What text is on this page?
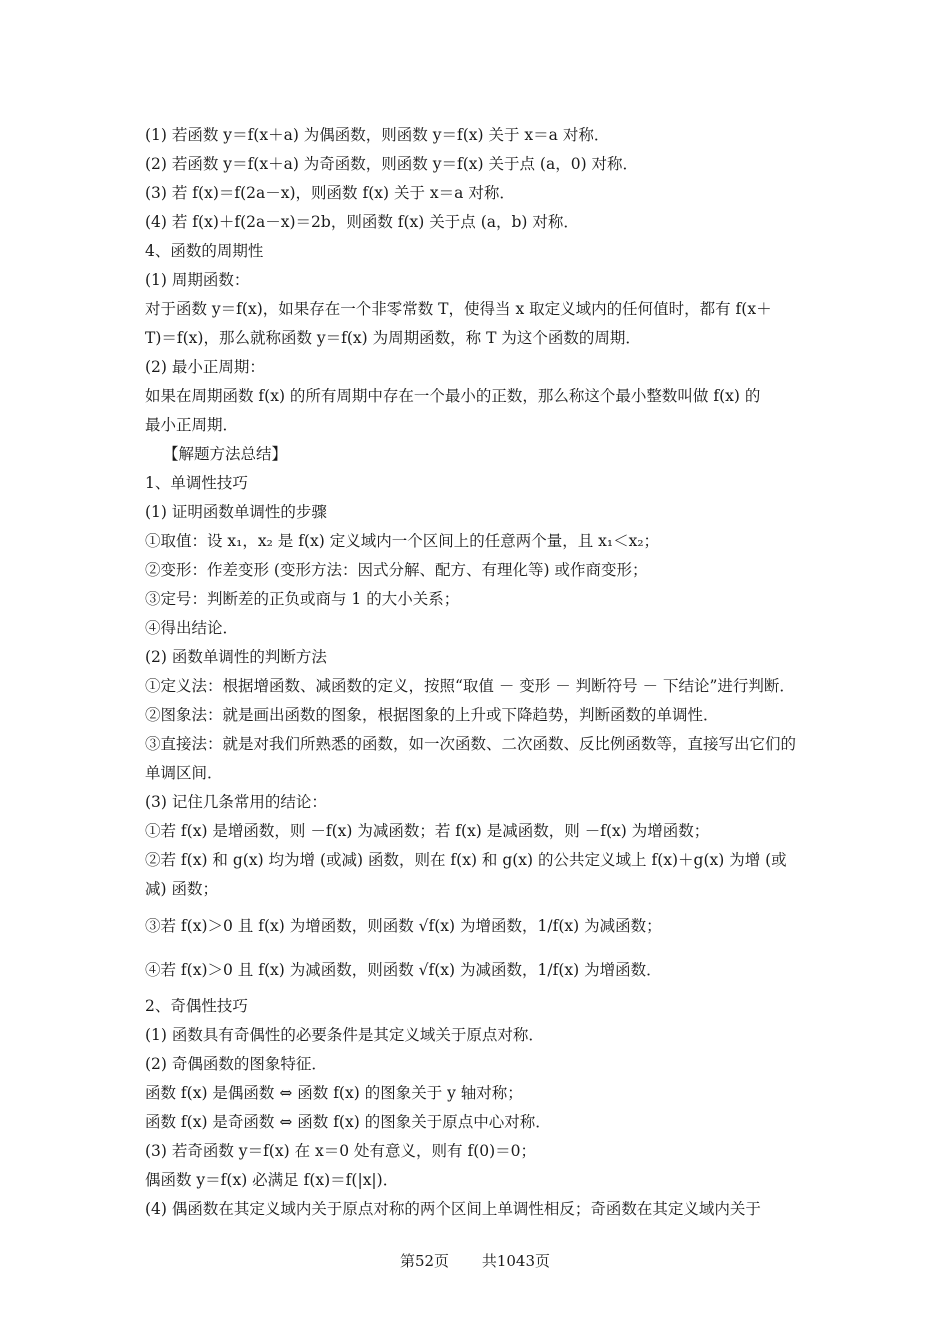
(1) 若函数 y＝f(x＋a) 为偶函数，则函数 y＝f(x) 关于 x＝a 对称．
(2) 若函数 y＝f(x＋a) 为奇函数，则函数 y＝f(x) 关于点 (a，0) 对称．
(3) 若 f(x)＝f(2a－x)，则函数 f(x) 关于 x＝a 对称．
(4) 若 f(x)＋f(2a－x)＝2b，则函数 f(x) 关于点 (a，b) 对称．
4、函数的周期性
(1) 周期函数：
对于函数 y＝f(x)，如果存在一个非零常数 T，使得当 x 取定义域内的任何值时，都有 f(x＋
T)＝f(x)，那么就称函数 y＝f(x) 为周期函数，称 T 为这个函数的周期．
(2) 最小正周期：
如果在周期函数 f(x) 的所有周期中存在一个最小的正数，那么称这个最小整数叫做 f(x) 的
最小正周期．
【解题方法总结】
1、单调性技巧
(1) 证明函数单调性的步骤
①取值：设 x₁，x₂ 是 f(x) 定义域内一个区间上的任意两个量，且 x₁＜x₂；
②变形：作差变形 (变形方法：因式分解、配方、有理化等) 或作商变形；
③定号：判断差的正负或商与 1 的大小关系；
④得出结论．
(2) 函数单调性的判断方法
①定义法：根据增函数、减函数的定义，按照“取值 － 变形 － 判断符号 － 下结论”进行判断．
②图象法：就是画出函数的图象，根据图象的上升或下降趋势，判断函数的单调性．
③直接法：就是对我们所熟悉的函数，如一次函数、二次函数、反比例函数等，直接写出它们的
单调区间．
(3) 记住几条常用的结论：
①若 f(x) 是增函数，则 －f(x) 为减函数；若 f(x) 是减函数，则 －f(x) 为增函数；
②若 f(x) 和 g(x) 均为增 (或减) 函数，则在 f(x) 和 g(x) 的公共定义域上 f(x)＋g(x) 为增 (或
减) 函数；
③若 f(x)＞0 且 f(x) 为增函数，则函数 √f(x) 为增函数，1/f(x) 为减函数；
④若 f(x)＞0 且 f(x) 为减函数，则函数 √f(x) 为减函数，1/f(x) 为增函数．
2、奇偶性技巧
(1) 函数具有奇偶性的必要条件是其定义域关于原点对称．
(2) 奇偶函数的图象特征．
函数 f(x) 是偶函数 ⇔ 函数 f(x) 的图象关于 y 轴对称；
函数 f(x) 是奇函数 ⇔ 函数 f(x) 的图象关于原点中心对称．
(3) 若奇函数 y＝f(x) 在 x＝0 处有意义，则有 f(0)＝0；
偶函数 y＝f(x) 必满足 f(x)＝f(|x|)．
(4) 偶函数在其定义域内关于原点对称的两个区间上单调性相反；奇函数在其定义域内关于
第52页 共1043页
